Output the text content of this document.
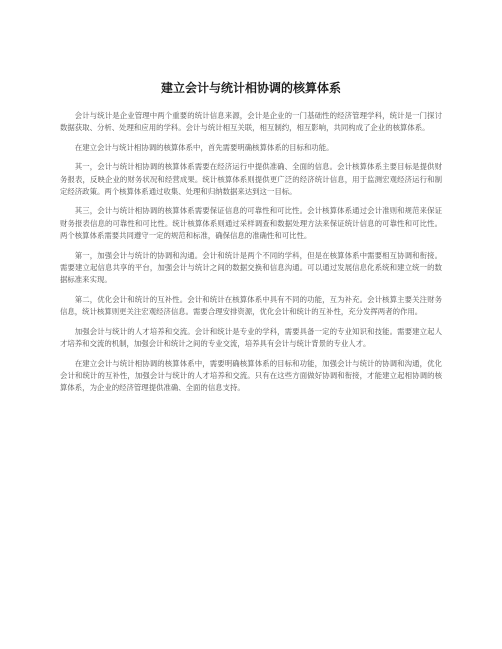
建立会计与统计相协调的核算体系

会计与统计是企业管理中两个重要的统计信息来源，会计是企业的一门基础性的经济管理学科，统计是一门探讨数据获取、分析、处理和应用的学科。会计与统计相互关联，相互制约，相互影响，共同构成了企业的核算体系。

在建立会计与统计相协调的核算体系中，首先需要明确核算体系的目标和功能。

其一，会计与统计相协调的核算体系需要在经济运行中提供准确、全面的信息。会计核算体系主要目标是提供财务报表，反映企业的财务状况和经营成果。统计核算体系则提供更广泛的经济统计信息，用于监测宏观经济运行和制定经济政策。两个核算体系通过收集、处理和归纳数据来达到这一目标。

其三，会计与统计相协调的核算体系需要保证信息的可靠性和可比性。会计核算体系通过会计准则和规范来保证财务报表信息的可靠性和可比性。统计核算体系则通过采样调查和数据处理方法来保证统计信息的可靠性和可比性。两个核算体系需要共同遵守一定的规范和标准，确保信息的准确性和可比性。

第一，加强会计与统计的协调和沟通。会计和统计是两个不同的学科，但是在核算体系中需要相互协调和衔接。需要建立起信息共享的平台，加强会计与统计之间的数据交换和信息沟通。可以通过发展信息化系统和建立统一的数据标准来实现。

第二，优化会计和统计的互补性。会计和统计在核算体系中具有不同的功能，互为补充。会计核算主要关注财务信息，统计核算则更关注宏观经济信息。需要合理安排资源，优化会计和统计的互补性，充分发挥两者的作用。

加强会计与统计的人才培养和交流。会计和统计是专业的学科，需要具备一定的专业知识和技能。需要建立起人才培养和交流的机制，加强会计和统计之间的专业交流，培养具有会计与统计背景的专业人才。

在建立会计与统计相协调的核算体系中，需要明确核算体系的目标和功能，加强会计与统计的协调和沟通，优化会计和统计的互补性，加强会计与统计的人才培养和交流。只有在这些方面做好协调和衔接，才能建立起相协调的核算体系，为企业的经济管理提供准确、全面的信息支持。
